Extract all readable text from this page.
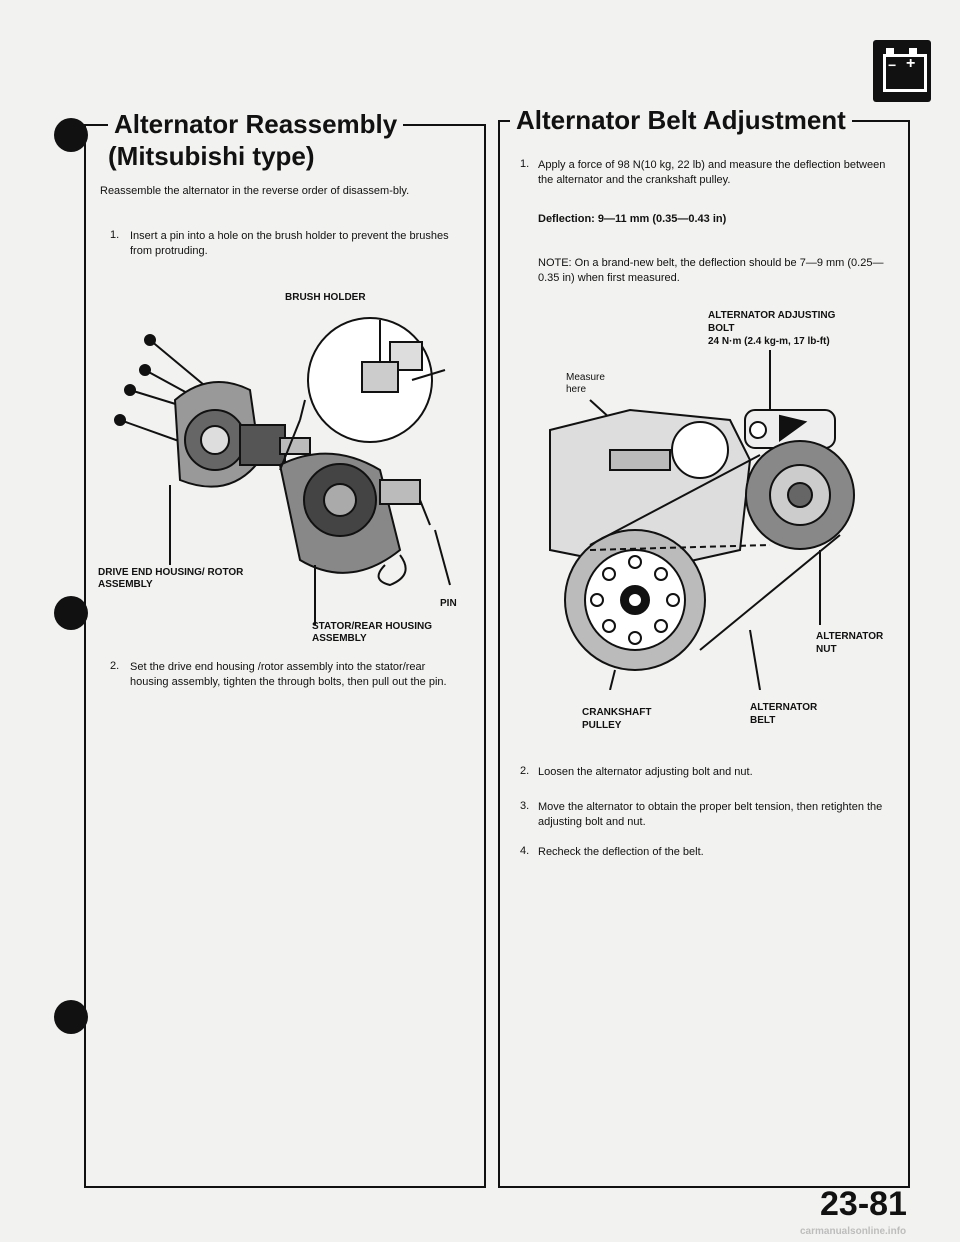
− +
Alternator Reassembly
(Mitsubishi type)
Reassemble the alternator in the reverse order of disassem-bly.
1. Insert a pin into a hole on the brush holder to prevent the brushes from protruding.
BRUSH HOLDER
DRIVE END HOUSING/ ROTOR ASSEMBLY
PIN
STATOR/REAR HOUSING ASSEMBLY
2. Set the drive end housing /rotor assembly into the stator/rear housing assembly, tighten the through bolts, then pull out the pin.
Alternator Belt Adjustment
1. Apply a force of 98 N(10 kg, 22 lb) and measure the deflection between the alternator and the crankshaft pulley.
Deflection: 9—11 mm (0.35—0.43 in)
NOTE: On a brand-new belt, the deflection should be 7—9 mm (0.25—0.35 in) when first measured.
ALTERNATOR ADJUSTING
BOLT
24 N·m (2.4 kg-m, 17 lb-ft)
Measure
here
ALTERNATOR
NUT
CRANKSHAFT
PULLEY
ALTERNATOR
BELT
2. Loosen the alternator adjusting bolt and nut.
3. Move the alternator to obtain the proper belt tension, then retighten the adjusting bolt and nut.
4. Recheck the deflection of the belt.
23-81
carmanualsonline.info
